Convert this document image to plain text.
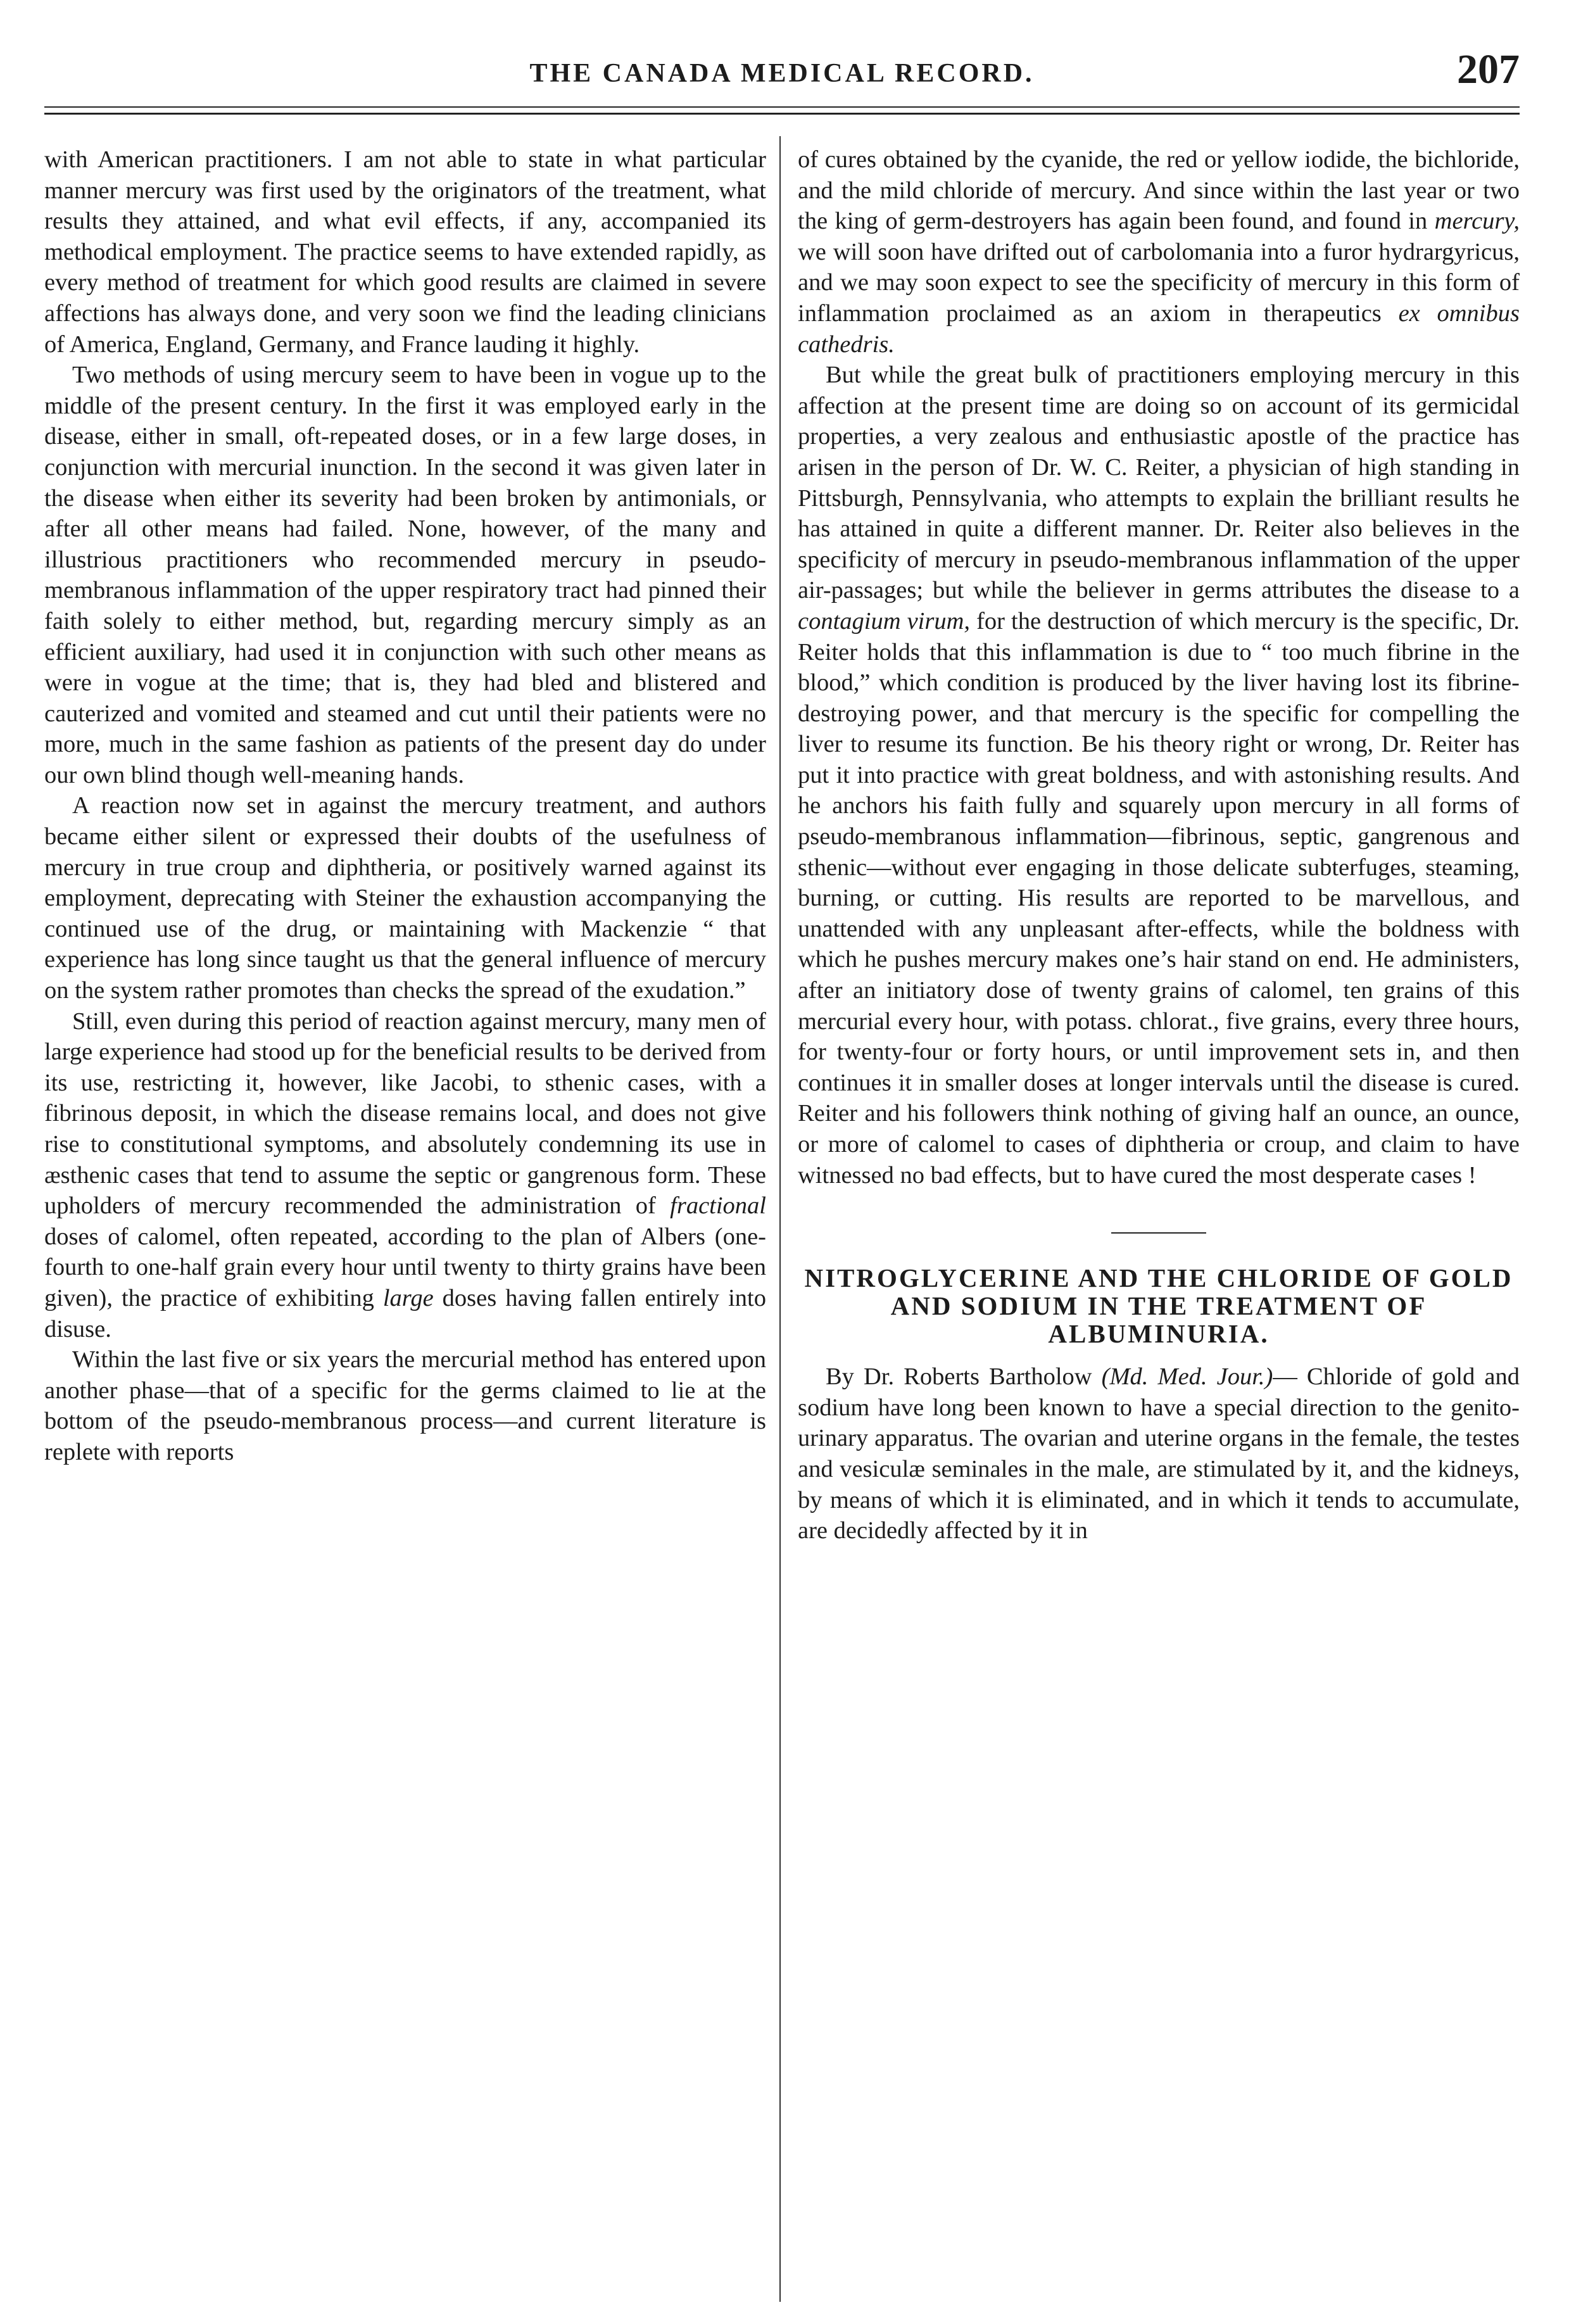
THE CANADA MEDICAL RECORD.	207

with American practitioners. I am not able to state in what particular manner mercury was first used by the originators of the treatment, what results they attained, and what evil effects, if any, accompanied its methodical employment. The practice seems to have extended rapidly, as every method of treatment for which good results are claimed in severe affections has always done, and very soon we find the leading clinicians of America, England, Germany, and France lauding it highly.

Two methods of using mercury seem to have been in vogue up to the middle of the present century. In the first it was employed early in the disease, either in small, oft-repeated doses, or in a few large doses, in conjunction with mercurial inunction. In the second it was given later in the disease when either its severity had been broken by antimonials, or after all other means had failed. None, however, of the many and illustrious practitioners who recommended mercury in pseudo-membranous inflammation of the upper respiratory tract had pinned their faith solely to either method, but, regarding mercury simply as an efficient auxiliary, had used it in conjunction with such other means as were in vogue at the time; that is, they had bled and blistered and cauterized and vomited and steamed and cut until their patients were no more, much in the same fashion as patients of the present day do under our own blind though well-meaning hands.

A reaction now set in against the mercury treatment, and authors became either silent or expressed their doubts of the usefulness of mercury in true croup and diphtheria, or positively warned against its employment, deprecating with Steiner the exhaustion accompanying the continued use of the drug, or maintaining with Mackenzie “ that experience has long since taught us that the general influence of mercury on the system rather promotes than checks the spread of the exudation.”

Still, even during this period of reaction against mercury, many men of large experience had stood up for the beneficial results to be derived from its use, restricting it, however, like Jacobi, to sthenic cases, with a fibrinous deposit, in which the disease remains local, and does not give rise to constitutional symptoms, and absolutely condemning its use in æsthenic cases that tend to assume the septic or gangrenous form. These upholders of mercury recommended the administration of fractional doses of calomel, often repeated, according to the plan of Albers (one-fourth to one-half grain every hour until twenty to thirty grains have been given), the practice of exhibiting large doses having fallen entirely into disuse.

Within the last five or six years the mercurial method has entered upon another phase—that of a specific for the germs claimed to lie at the bottom of the pseudo-membranous process—and current literature is replete with reports

of cures obtained by the cyanide, the red or yellow iodide, the bichloride, and the mild chloride of mercury. And since within the last year or two the king of germ-destroyers has again been found, and found in mercury, we will soon have drifted out of carbolomania into a furor hydrargyricus, and we may soon expect to see the specificity of mercury in this form of inflammation proclaimed as an axiom in therapeutics ex omnibus cathedris.

But while the great bulk of practitioners employing mercury in this affection at the present time are doing so on account of its germicidal properties, a very zealous and enthusiastic apostle of the practice has arisen in the person of Dr. W. C. Reiter, a physician of high standing in Pittsburgh, Pennsylvania, who attempts to explain the brilliant results he has attained in quite a different manner. Dr. Reiter also believes in the specificity of mercury in pseudo-membranous inflammation of the upper air-passages; but while the believer in germs attributes the disease to a contagium virum, for the destruction of which mercury is the specific, Dr. Reiter holds that this inflammation is due to “ too much fibrine in the blood,” which condition is produced by the liver having lost its fibrine-destroying power, and that mercury is the specific for compelling the liver to resume its function. Be his theory right or wrong, Dr. Reiter has put it into practice with great boldness, and with astonishing results. And he anchors his faith fully and squarely upon mercury in all forms of pseudo-membranous inflammation—fibrinous, septic, gangrenous and sthenic—without ever engaging in those delicate subterfuges, steaming, burning, or cutting. His results are reported to be marvellous, and unattended with any unpleasant after-effects, while the boldness with which he pushes mercury makes one’s hair stand on end. He administers, after an initiatory dose of twenty grains of calomel, ten grains of this mercurial every hour, with potass. chlorat., five grains, every three hours, for twenty-four or forty hours, or until improvement sets in, and then continues it in smaller doses at longer intervals until the disease is cured. Reiter and his followers think nothing of giving half an ounce, an ounce, or more of calomel to cases of diphtheria or croup, and claim to have witnessed no bad effects, but to have cured the most desperate cases !

NITROGLYCERINE AND THE CHLORIDE OF GOLD AND SODIUM IN THE TREATMENT OF ALBUMINURIA.

By Dr. Roberts Bartholow (Md. Med. Jour.)— Chloride of gold and sodium have long been known to have a special direction to the genito-urinary apparatus. The ovarian and uterine organs in the female, the testes and vesiculæ seminales in the male, are stimulated by it, and the kidneys, by means of which it is eliminated, and in which it tends to accumulate, are decidedly affected by it in
